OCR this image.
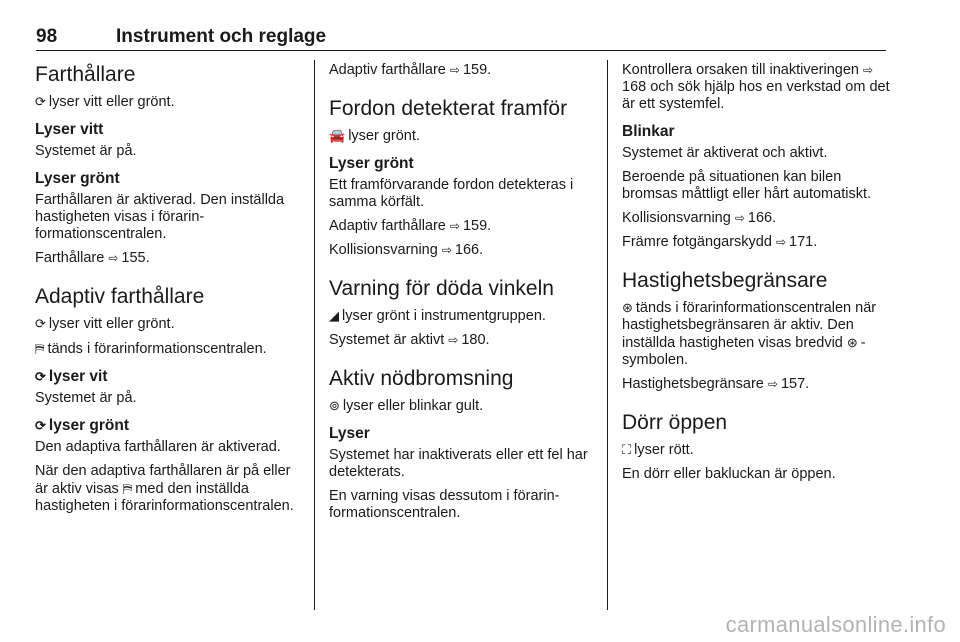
98	Instrument och reglage
Farthållare

⟳ lyser vitt eller grönt.

Lyser vitt

Systemet är på.

Lyser grönt

Farthållaren är aktiverad. Den inställda hastigheten visas i förarinformationscentralen.

Farthållare ⇨ 155.

Adaptiv farthållare

⟳ lyser vitt eller grönt.

⛿ tänds i förarinformationscentralen.

⟳ lyser vit

Systemet är på.

⟳ lyser grönt

Den adaptiva farthållaren är aktiverad.

När den adaptiva farthållaren är på eller är aktiv visas ⛿ med den inställda hastigheten i förarinformationscentralen.

Adaptiv farthållare ⇨ 159.

Fordon detekterat framför

🚘 lyser grönt.

Lyser grönt

Ett framförvarande fordon detekteras i samma körfält.

Adaptiv farthållare ⇨ 159.

Kollisionsvarning ⇨ 166.

Varning för döda vinkeln

◢ lyser grönt i instrumentgruppen.

Systemet är aktivt ⇨ 180.

Aktiv nödbromsning

⊚ lyser eller blinkar gult.

Lyser

Systemet har inaktiverats eller ett fel har detekterats.

En varning visas dessutom i förarinformationscentralen.

Kontrollera orsaken till inaktiveringen ⇨168 och sök hjälp hos en verkstad om det är ett systemfel.

Blinkar

Systemet är aktiverat och aktivt.

Beroende på situationen kan bilen bromsas måttligt eller hårt automatiskt.

Kollisionsvarning ⇨ 166.

Främre fotgängarskydd ⇨ 171.

Hastighetsbegränsare

⊛ tänds i förarinformationscentralen när hastighetsbegränsaren är aktiv. Den inställda hastigheten visas bredvid ⊛ -symbolen.

Hastighetsbegränsare ⇨ 157.

Dörr öppen

⛶ lyser rött.

En dörr eller bakluckan är öppen.

carmanualsonline.info
